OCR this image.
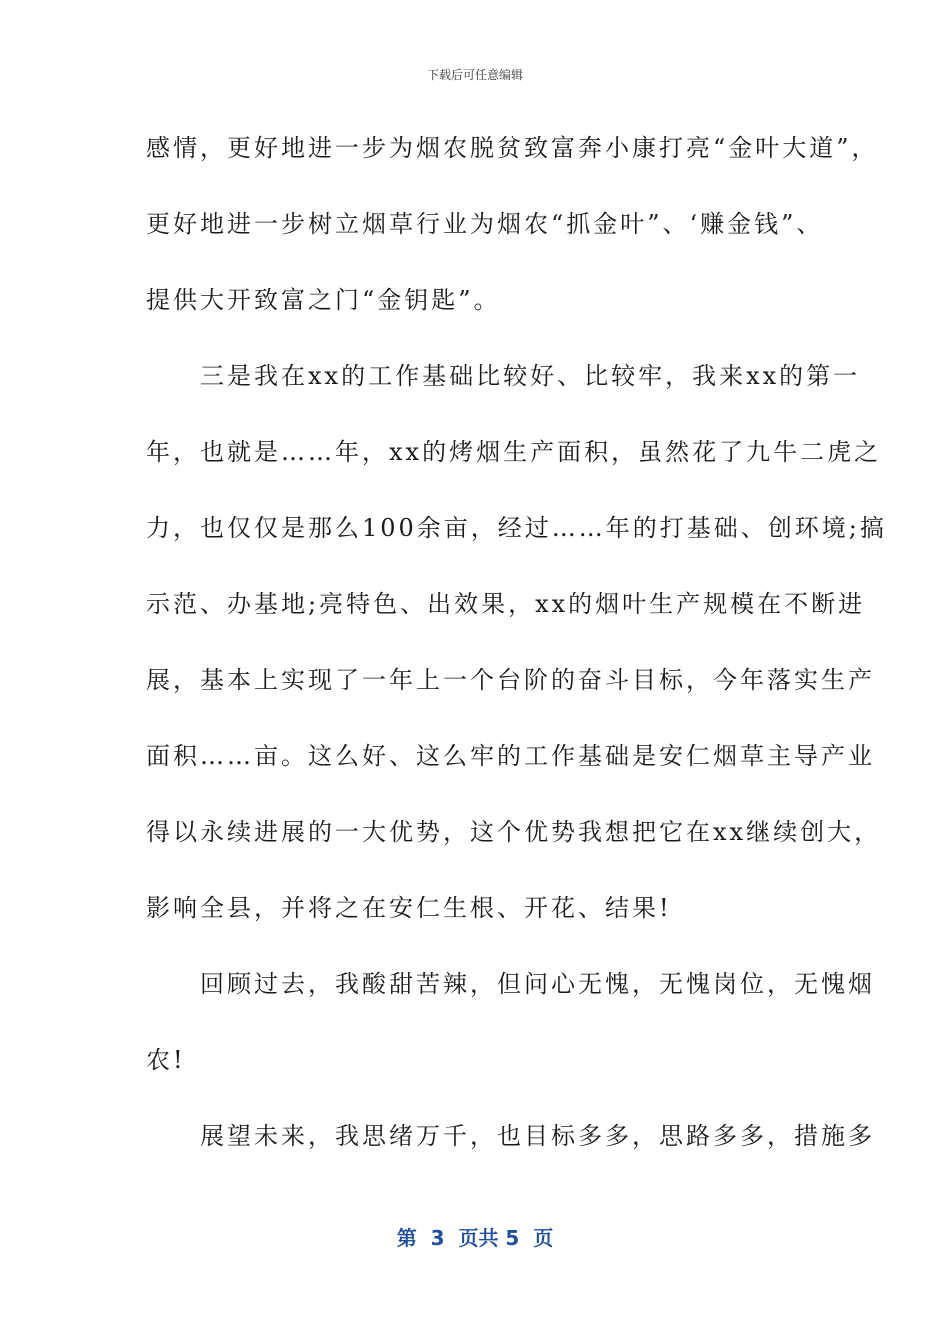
下载后可任意编辑
感情，更好地进一步为烟农脱贫致富奔小康打亮“金叶大道”，
更好地进一步树立烟草行业为烟农“抓金叶”、‘赚金钱”、
提供大开致富之门“金钥匙”。
　　三是我在xx的工作基础比较好、比较牢，我来xx的第一
年，也就是……年，xx的烤烟生产面积，虽然花了九牛二虎之
力，也仅仅是那么100余亩，经过……年的打基础、创环境;搞
示范、办基地;亮特色、出效果，xx的烟叶生产规模在不断进
展，基本上实现了一年上一个台阶的奋斗目标，今年落实生产
面积……亩。这么好、这么牢的工作基础是安仁烟草主导产业
得以永续进展的一大优势，这个优势我想把它在xx继续创大，
影响全县，并将之在安仁生根、开花、结果!
　　回顾过去，我酸甜苦辣，但问心无愧，无愧岗位，无愧烟
农!
　　展望未来，我思绪万千，也目标多多，思路多多，措施多
第  3  页共 5  页
